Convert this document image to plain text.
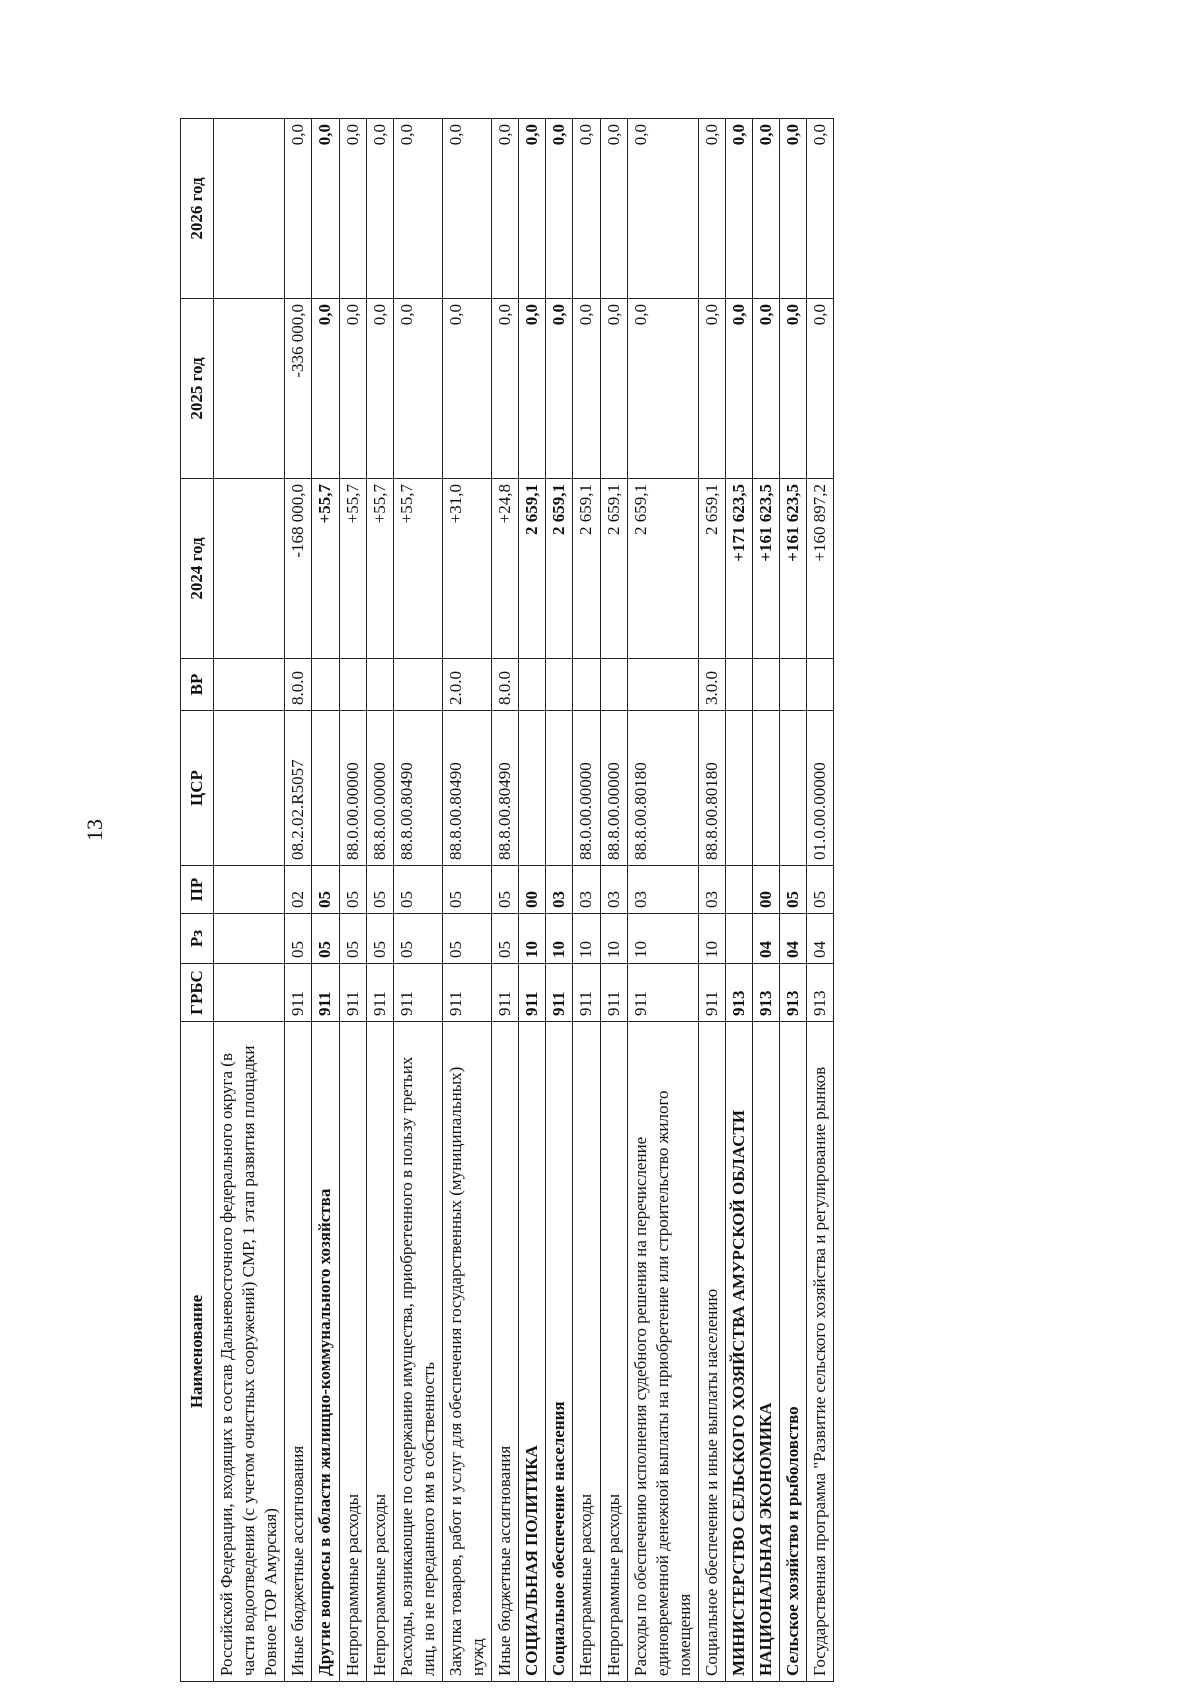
13
Наименование	ГРБС	Рз	ПР	ЦСР	ВР	2024 год	2025 год	2026 год
Российской Федерации, входящих в состав Дальневосточного федерального округа (в части водоотведения (с учетом очистных сооружений) СМР, 1 этап развития площадки Ровное ТОР Амурская)								
Иные бюджетные ассигнования	911	05	02	08.2.02.R5057	8.0.0	-168 000,0	-336 000,0	0,0
Другие вопросы в области жилищно-коммунального хозяйства	911	05	05			+55,7	0,0	0,0
Непрограммные расходы	911	05	05	88.0.00.00000		+55,7	0,0	0,0
Непрограммные расходы	911	05	05	88.8.00.00000		+55,7	0,0	0,0
Расходы, возникающие по содержанию имущества, приобретенного в пользу третьих лиц, но не переданного им в собственность	911	05	05	88.8.00.80490		+55,7	0,0	0,0
Закупка товаров, работ и услуг для обеспечения государственных (муниципальных) нужд	911	05	05	88.8.00.80490	2.0.0	+31,0	0,0	0,0
Иные бюджетные ассигнования	911	05	05	88.8.00.80490	8.0.0	+24,8	0,0	0,0
СОЦИАЛЬНАЯ ПОЛИТИКА	911	10	00			2 659,1	0,0	0,0
Социальное обеспечение населения	911	10	03			2 659,1	0,0	0,0
Непрограммные расходы	911	10	03	88.0.00.00000		2 659,1	0,0	0,0
Непрограммные расходы	911	10	03	88.8.00.00000		2 659,1	0,0	0,0
Расходы по обеспечению исполнения судебного решения на перечисление единовременной денежной выплаты на приобретение или строительство жилого помещения	911	10	03	88.8.00.80180		2 659,1	0,0	0,0
Социальное обеспечение и иные выплаты населению	911	10	03	88.8.00.80180	3.0.0	2 659,1	0,0	0,0
МИНИСТЕРСТВО СЕЛЬСКОГО ХОЗЯЙСТВА АМУРСКОЙ ОБЛАСТИ	913					+171 623,5	0,0	0,0
НАЦИОНАЛЬНАЯ ЭКОНОМИКА	913	04	00			+161 623,5	0,0	0,0
Сельское хозяйство и рыболовство	913	04	05			+161 623,5	0,0	0,0
Государственная программа "Развитие сельского хозяйства и регулирование рынков	913	04	05	01.0.00.00000		+160 897,2	0,0	0,0
